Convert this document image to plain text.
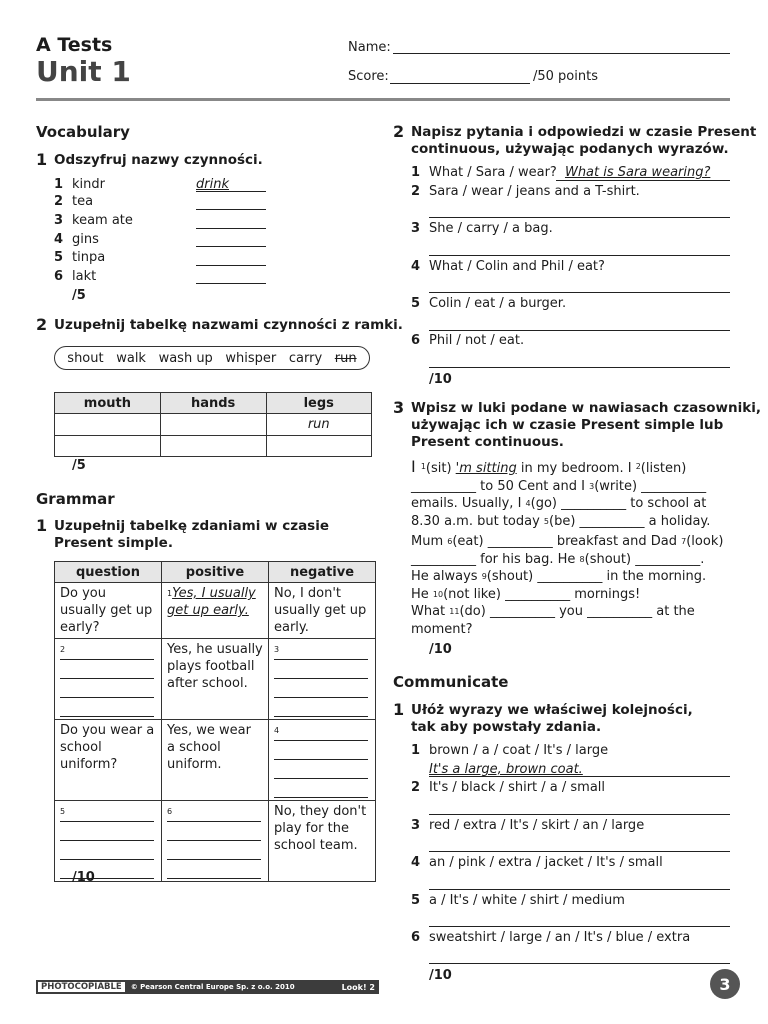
A Tests
Unit 1
Name:
Score:	/50 points
Vocabulary
1 Odszyfruj nazwy czynności.
1 kindr	drink
2 tea
3 keam ate
4 gins
5 tinpa
6 lakt
/5
2 Uzupełnij tabelkę nazwami czynności z ramki.
shout walk wash up whisper carry run
mouth	hands	legs
		run

/5
Grammar
1 Uzupełnij tabelkę zdaniami w czasie
Present simple.
question	positive	negative
Do you usually get up early?	$^1$Yes, I usually get up early.	No, I don't usually get up early.

$^2$	Yes, he usually plays football after school.	$^3$

Do you wear a school uniform?	Yes, we wear a school uniform.	$^4$

$^5$	$^6$	No, they don't play for the school team.
/10
2 Napisz pytania i odpowiedzi w czasie Present
continuous, używając podanych wyrazów.
1 What / Sara / wear? What is Sara wearing?
2 Sara / wear / jeans and a T-shirt.
3 She / carry / a bag.
4 What / Colin and Phil / eat?
5 Colin / eat / a burger.
6 Phil / not / eat.
/10
3 Wpisz w luki podane w nawiasach czasowniki,
używając ich w czasie Present simple lub
Present continuous.
I $^1$(sit) 'm sitting in my bedroom. I $^2$(listen)
__________ to 50 Cent and I $^3$(write) __________
emails. Usually, I $^4$(go) __________ to school at
8.30 a.m. but today $^5$(be) __________ a holiday.
Mum $^6$(eat) __________ breakfast and Dad $^7$(look)
__________ for his bag. He $^8$(shout) __________.
He always $^9$(shout) __________ in the morning.
He $^{10}$(not like) __________ mornings!
What $^{11}$(do) __________ you __________ at the
moment?
/10
Communicate
1 Ułóż wyrazy we właściwej kolejności,
tak aby powstały zdania.
1 brown / a / coat / It's / large
It's a large, brown coat.
2 It's / black / shirt / a / small
3 red / extra / It's / skirt / an / large
4 an / pink / extra / jacket / It's / small
5 a / It's / white / shirt / medium
6 sweatshirt / large / an / It's / blue / extra
/10
PHOTOCOPIABLE	© Pearson Central Europe Sp. z o.o. 2010	Look! 2	3
